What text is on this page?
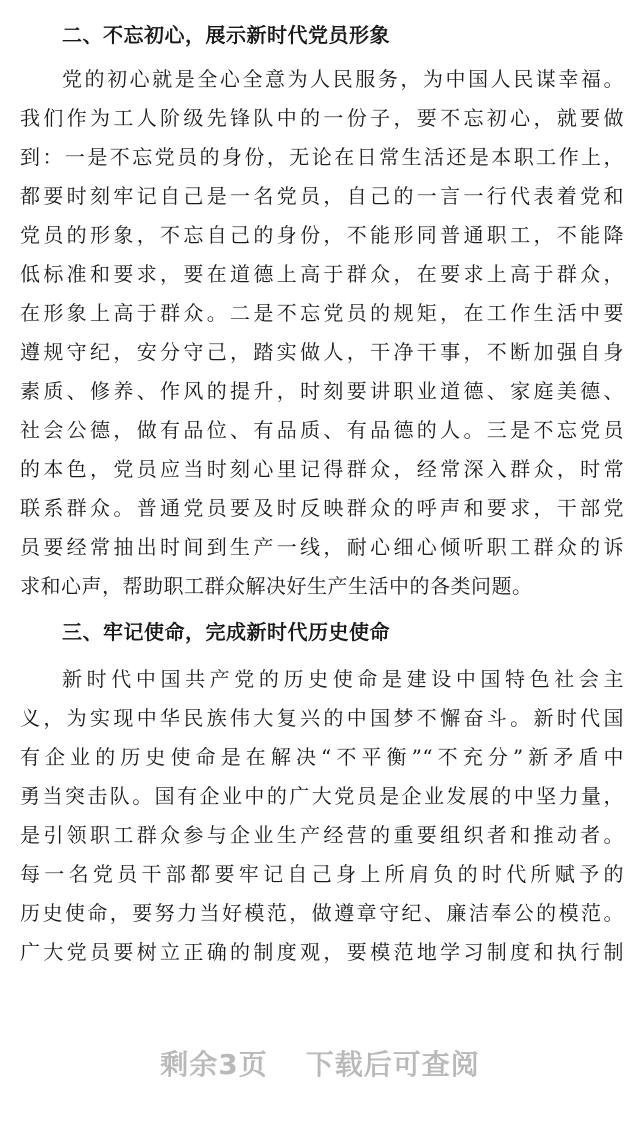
二、不忘初心，展示新时代党员形象
党的初心就是全心全意为人民服务，为中国人民谋幸福。
我们作为工人阶级先锋队中的一份子，要不忘初心，就要做
到：一是不忘党员的身份，无论在日常生活还是本职工作上，
都要时刻牢记自己是一名党员，自己的一言一行代表着党和
党员的形象，不忘自己的身份，不能形同普通职工，不能降
低标准和要求，要在道德上高于群众，在要求上高于群众，
在形象上高于群众。二是不忘党员的规矩，在工作生活中要
遵规守纪，安分守己，踏实做人，干净干事，不断加强自身
素质、修养、作风的提升，时刻要讲职业道德、家庭美德、
社会公德，做有品位、有品质、有品德的人。三是不忘党员
的本色，党员应当时刻心里记得群众，经常深入群众，时常
联系群众。普通党员要及时反映群众的呼声和要求，干部党
员要经常抽出时间到生产一线，耐心细心倾听职工群众的诉
求和心声，帮助职工群众解决好生产生活中的各类问题。
三、牢记使命，完成新时代历史使命
新时代中国共产党的历史使命是建设中国特色社会主
义，为实现中华民族伟大复兴的中国梦不懈奋斗。新时代国
有企业的历史使命是在解决“不平衡”“不充分”新矛盾中
勇当突击队。国有企业中的广大党员是企业发展的中坚力量，
是引领职工群众参与企业生产经营的重要组织者和推动者。
每一名党员干部都要牢记自己身上所肩负的时代所赋予的
历史使命，要努力当好模范，做遵章守纪、廉洁奉公的模范。
广大党员要树立正确的制度观，要模范地学习制度和执行制
剩余3页 下载后可查阅
